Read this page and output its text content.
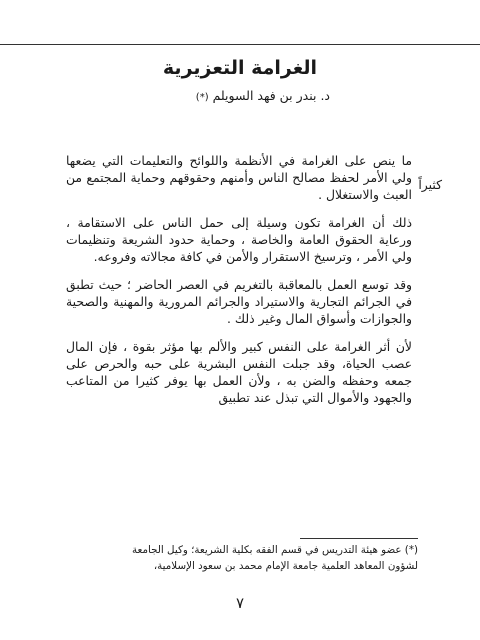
الغرامة التعزيرية
د. بندر بن فهد السويلم (*)
كثيراً

ما ينص على الغرامة في الأنظمة واللوائح والتعليمات التي يضعها ولي الأمر لحفظ مصالح الناس وأمنهم وحقوقهم وحماية المجتمع من العبث والاستغلال .

ذلك أن الغرامة تكون وسيلة إلى حمل الناس على الاستقامة ، ورعاية الحقوق العامة والخاصة ، وحماية حدود الشريعة وتنظيمات ولي الأمر ، وترسيخ الاستقرار والأمن في كافة مجالاته وفروعه.

وقد توسع العمل بالمعاقبة بالتغريم في العصر الحاضر ؛ حيث تطبق في الجرائم التجارية والاستيراد والجرائم المرورية والمهنية والصحية والجوازات وأسواق المال وغير ذلك .

لأن أثر الغرامة على النفس كبير والألم بها مؤثر بقوة ، فإن المال عصب الحياة، وقد جبلت النفس البشرية على حبه والحرص على جمعه وحفظه والضن به ، ولأن العمل بها يوفر كثيرا من المتاعب والجهود والأموال التي تبذل عند تطبيق

(*) عضو هيئة التدريس في قسم الفقه بكلية الشريعة؛ وكيل الجامعة
لشؤون المعاهد العلمية جامعة الإمام محمد بن سعود الإسلامية،
٧
